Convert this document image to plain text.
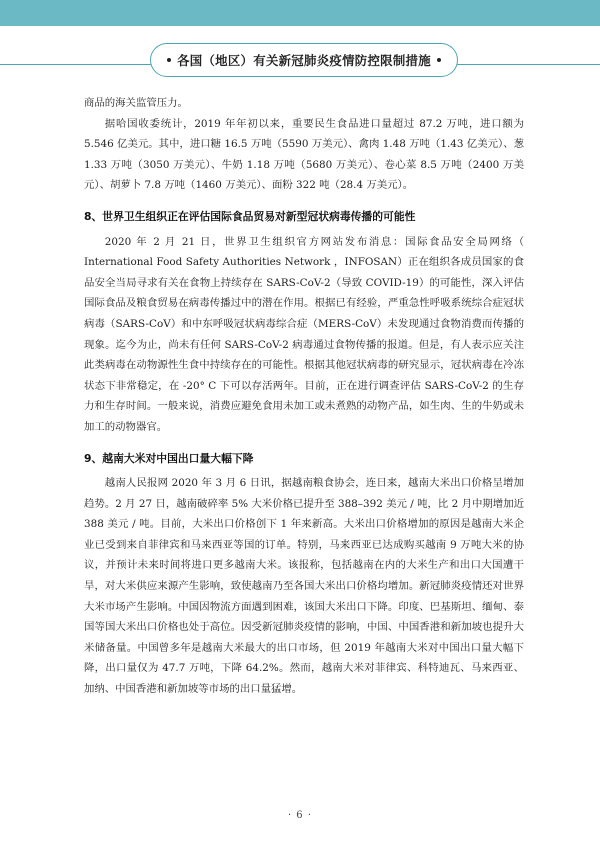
各国（地区）有关新冠肺炎疫情防控限制措施

商品的海关监管压力。

据哈国收委统计，2019 年年初以来，重要民生食品进口量超过 87.2 万吨，进口额为 5.546 亿美元。其中，进口糖 16.5 万吨（5590 万美元）、禽肉 1.48 万吨（1.43 亿美元）、葱 1.33 万吨（3050 万美元）、牛奶 1.18 万吨（5680 万美元）、卷心菜 8.5 万吨（2400 万美元）、胡萝卜 7.8 万吨（1460 万美元）、面粉 322 吨（28.4 万美元）。

8、世界卫生组织正在评估国际食品贸易对新型冠状病毒传播的可能性

2020 年 2 月 21 日，世界卫生组织官方网站发布消息：国际食品安全局网络（ International Food Safety Authorities Network ，INFOSAN）正在组织各成员国家的食品安全当局寻求有关在食物上持续存在 SARS-CoV-2（导致 COVID-19）的可能性，深入评估国际食品及粮食贸易在病毒传播过中的潜在作用。根据已有经验，严重急性呼吸系统综合症冠状病毒（SARS-CoV）和中东呼吸冠状病毒综合症（MERS-CoV）未发现通过食物消费而传播的现象。迄今为止，尚未有任何 SARS-CoV-2 病毒通过食物传播的报道。但是，有人表示应关注此类病毒在动物源性生食中持续存在的可能性。根据其他冠状病毒的研究显示，冠状病毒在冷冻状态下非常稳定，在 -20° C 下可以存活两年。目前，正在进行调查评估 SARS-CoV-2 的生存力和生存时间。一般来说，消费应避免食用未加工或未煮熟的动物产品，如生肉、生的牛奶或未加工的动物器官。

9、越南大米对中国出口量大幅下降

越南人民报网 2020 年 3 月 6 日讯，据越南粮食协会，连日来，越南大米出口价格呈增加趋势。2 月 27 日，越南破碎率 5% 大米价格已提升至 388–392 美元 / 吨，比 2 月中期增加近 388 美元 / 吨。目前，大米出口价格创下 1 年来新高。大米出口价格增加的原因是越南大米企业已受到来自菲律宾和马来西亚等国的订单。特别，马来西亚已达成购买越南 9 万吨大米的协议，并预计未来时间将进口更多越南大米。该报称，包括越南在内的大米生产和出口大国遭干旱，对大米供应来源产生影响，致使越南乃至各国大米出口价格均增加。新冠肺炎疫情还对世界大米市场产生影响。中国因物流方面遇到困难，该国大米出口下降。印度、巴基斯坦、缅甸、泰国等国大米出口价格也处于高位。因受新冠肺炎疫情的影响，中国、中国香港和新加坡也提升大米储备量。中国曾多年是越南大米最大的出口市场，但 2019 年越南大米对中国出口量大幅下降，出口量仅为 47.7 万吨，下降 64.2%。然而，越南大米对菲律宾、科特迪瓦、马来西亚、加纳、中国香港和新加坡等市场的出口量猛增。

· 6 ·
